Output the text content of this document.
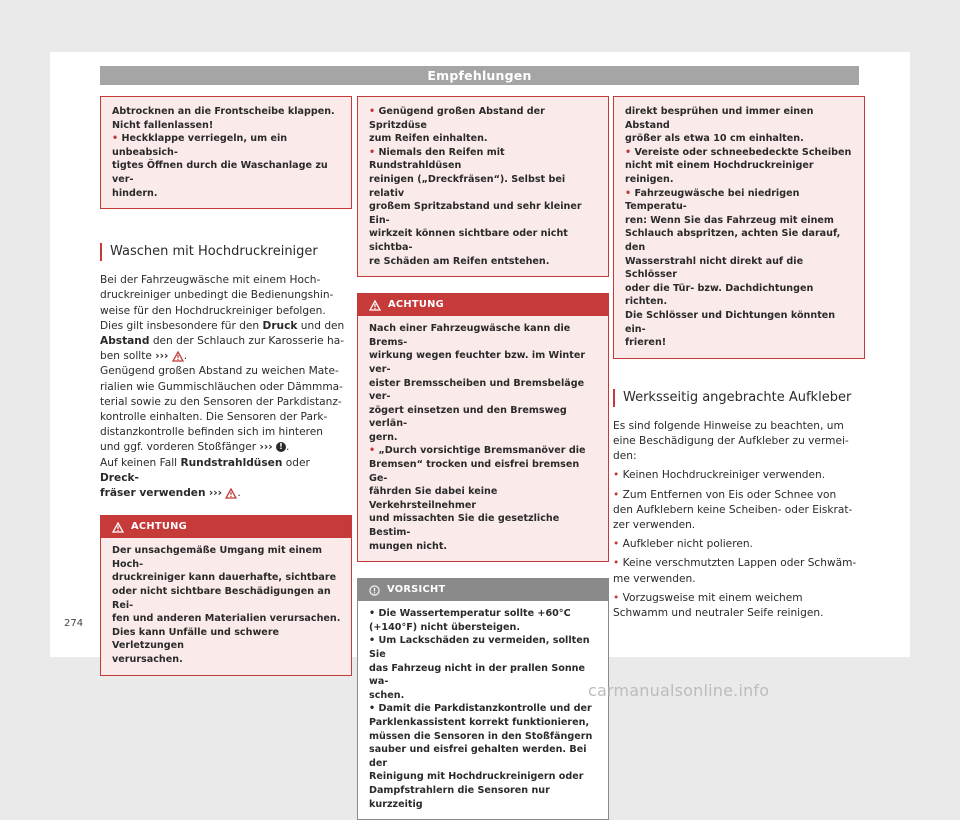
Empfehlungen

Abtrocknen an die Frontscheibe klappen.

Nicht fallenlassen!

• Heckklappe verriegeln, um ein unbeabsich-

tigtes Öffnen durch die Waschanlage zu ver-

hindern.

Waschen mit Hochdruckreiniger

Bei der Fahrzeugwäsche mit einem Hoch-

druckreiniger unbedingt die Bedienungshin-

weise für den Hochdruckreiniger befolgen.

Dies gilt insbesondere für den Druck und den

Abstand den der Schlauch zur Karosserie ha-

ben sollte ››› .

Genügend großen Abstand zu weichen Mate-

rialien wie Gummischläuchen oder Dämmma-

terial sowie zu den Sensoren der Parkdistanz-

kontrolle einhalten. Die Sensoren der Park-

distanzkontrolle befinden sich im hinteren

und ggf. vorderen Stoßfänger ››› ! .

Auf keinen Fall Rundstrahldüsen oder Dreck-

fräser verwenden ››› .

ACHTUNG

Der unsachgemäße Umgang mit einem Hoch-

druckreiniger kann dauerhafte, sichtbare

oder nicht sichtbare Beschädigungen an Rei-

fen und anderen Materialien verursachen.

Dies kann Unfälle und schwere Verletzungen

verursachen.

• Genügend großen Abstand der Spritzdüse

zum Reifen einhalten.

• Niemals den Reifen mit Rundstrahldüsen

reinigen („Dreckfräsen“). Selbst bei relativ

großem Spritzabstand und sehr kleiner Ein-

wirkzeit können sichtbare oder nicht sichtba-

re Schäden am Reifen entstehen.

ACHTUNG

Nach einer Fahrzeugwäsche kann die Brems-

wirkung wegen feuchter bzw. im Winter ver-

eister Bremsscheiben und Bremsbeläge ver-

zögert einsetzen und den Bremsweg verlän-

gern.

• „Durch vorsichtige Bremsmanöver die

Bremsen“ trocken und eisfrei bremsen Ge-

fährden Sie dabei keine Verkehrsteilnehmer

und missachten Sie die gesetzliche Bestim-

mungen nicht.

VORSICHT

• Die Wassertemperatur sollte +60°C

(+140°F) nicht übersteigen.

• Um Lackschäden zu vermeiden, sollten Sie

das Fahrzeug nicht in der prallen Sonne wa-

schen.

• Damit die Parkdistanzkontrolle und der

Parklenkassistent korrekt funktionieren,

müssen die Sensoren in den Stoßfängern

sauber und eisfrei gehalten werden. Bei der

Reinigung mit Hochdruckreinigern oder

Dampfstrahlern die Sensoren nur kurzzeitig

direkt besprühen und immer einen Abstand

größer als etwa 10 cm einhalten.

• Vereiste oder schneebedeckte Scheiben

nicht mit einem Hochdruckreiniger reinigen.

• Fahrzeugwäsche bei niedrigen Temperatu-

ren: Wenn Sie das Fahrzeug mit einem

Schlauch abspritzen, achten Sie darauf, den

Wasserstrahl nicht direkt auf die Schlösser

oder die Tür- bzw. Dachdichtungen richten.

Die Schlösser und Dichtungen könnten ein-

frieren!

Werksseitig angebrachte Aufkleber

Es sind folgende Hinweise zu beachten, um

eine Beschädigung der Aufkleber zu vermei-

den:

• Keinen Hochdruckreiniger verwenden.

• Zum Entfernen von Eis oder Schnee von

den Aufklebern keine Scheiben- oder Eiskrat-

zer verwenden.

• Aufkleber nicht polieren.

• Keine verschmutzten Lappen oder Schwäm-

me verwenden.

• Vorzugsweise mit einem weichem

Schwamm und neutraler Seife reinigen.

274
carmanualsonline.info
